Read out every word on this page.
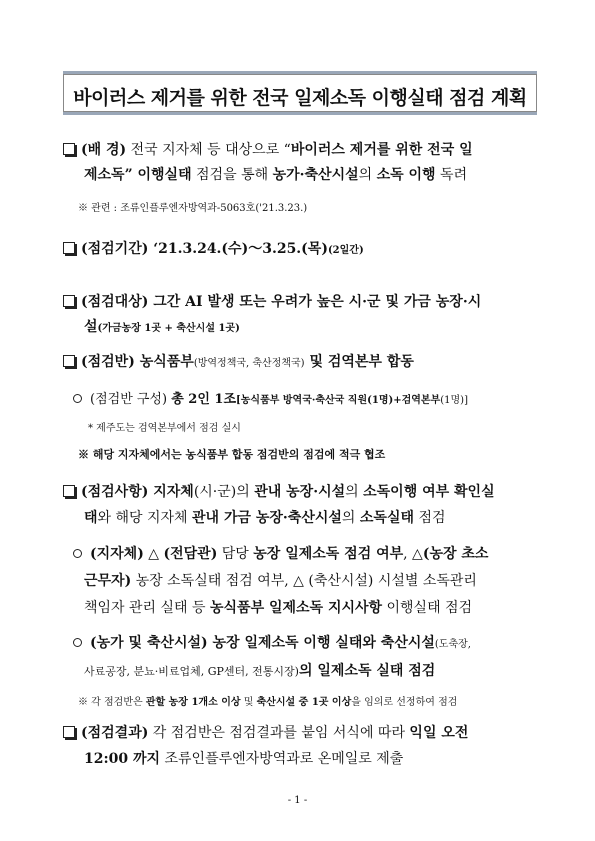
바이러스 제거를 위한 전국 일제소독 이행실태 점검 계획
(배 경) 전국 지자체 등 대상으로 “바이러스 제거를 위한 전국 일
제소독” 이행실태 점검을 통해 농가·축산시설의 소독 이행 독려
※ 관련 : 조류인플루엔자방역과-5063호('21.3.23.)
(점검기간) ‘21.3.24.(수)～3.25.(목)(2일간)
(점검대상) 그간 AI 발생 또는 우려가 높은 시·군 및 가금 농장·시
설(가금농장 1곳 + 축산시설 1곳)
(점검반) 농식품부(방역정책국, 축산정책국) 및 검역본부 합동
(점검반 구성) 총 2인 1조[농식품부 방역국·축산국 직원(1명)+검역본부(1명)]
* 제주도는 검역본부에서 점검 실시
※ 해당 지자체에서는 농식품부 합동 점검반의 점검에 적극 협조
(점검사항) 지자체(시·군)의 관내 농장·시설의 소독이행 여부 확인실
태와 해당 지자체 관내 가금 농장·축산시설의 소독실태 점검
(지자체) △ (전담관) 담당 농장 일제소독 점검 여부, △(농장 초소
근무자) 농장 소독실태 점검 여부, △ (축산시설) 시설별 소독관리
책임자 관리 실태 등 농식품부 일제소독 지시사항 이행실태 점검
(농가 및 축산시설) 농장 일제소독 이행 실태와 축산시설(도축장,
사료공장, 분뇨·비료업체, GP센터, 전통시장)의 일제소독 실태 점검
※ 각 점검반은 관할 농장 1개소 이상 및 축산시설 중 1곳 이상을 임의로 선정하여 점검
(점검결과) 각 점검반은 점검결과를 붙임 서식에 따라 익일 오전
12:00 까지 조류인플루엔자방역과로 온메일로 제출
- 1 -
